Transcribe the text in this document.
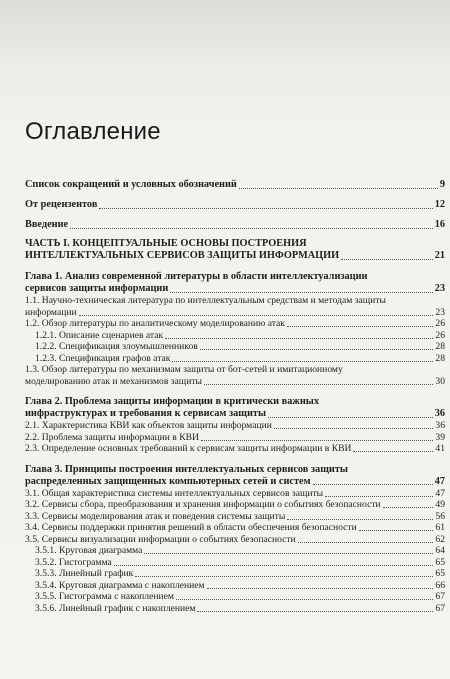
Оглавление
Список сокращений и условных обозначений	9
От рецензентов	12
Введение	16
ЧАСТЬ I. КОНЦЕПТУАЛЬНЫЕ ОСНОВЫ ПОСТРОЕНИЯ
ИНТЕЛЛЕКТУАЛЬНЫХ СЕРВИСОВ ЗАЩИТЫ ИНФОРМАЦИИ	21
Глава 1. Анализ современной литературы в области интеллектуализации
сервисов защиты информации	23
1.1. Научно-техническая литература по интеллектуальным средствам и методам защиты
информации	23
1.2. Обзор литературы по аналитическому моделированию атак	26
1.2.1. Описание сценариев атак	26
1.2.2. Спецификация злоумышленников	28
1.2.3. Спецификация графов атак	28
1.3. Обзор литературы по механизмам защиты от бот-сетей и имитационному
моделированию атак и механизмов защиты	30
Глава 2. Проблема защиты информации в критически важных
инфраструктурах и требования к сервисам защиты	36
2.1. Характеристика КВИ как объектов защиты информации	36
2.2. Проблема защиты информации в КВИ	39
2.3. Определение основных требований к сервисам защиты информации в КВИ	41
Глава 3. Принципы построения интеллектуальных сервисов защиты
распределенных защищенных компьютерных сетей и систем	47
3.1. Общая характеристика системы интеллектуальных сервисов защиты	47
3.2. Сервисы сбора, преобразования и хранения информации о событиях безопасности	49
3.3. Сервисы моделирования атак и поведения системы защиты	56
3.4. Сервисы поддержки принятия решений в области обеспечения безопасности	61
3.5. Сервисы визуализации информации о событиях безопасности	62
3.5.1. Круговая диаграмма	64
3.5.2. Гистограмма	65
3.5.3. Линейный график	65
3.5.4. Круговая диаграмма с накоплением	66
3.5.5. Гистограмма с накоплением	67
3.5.6. Линейный график с накоплением	67
